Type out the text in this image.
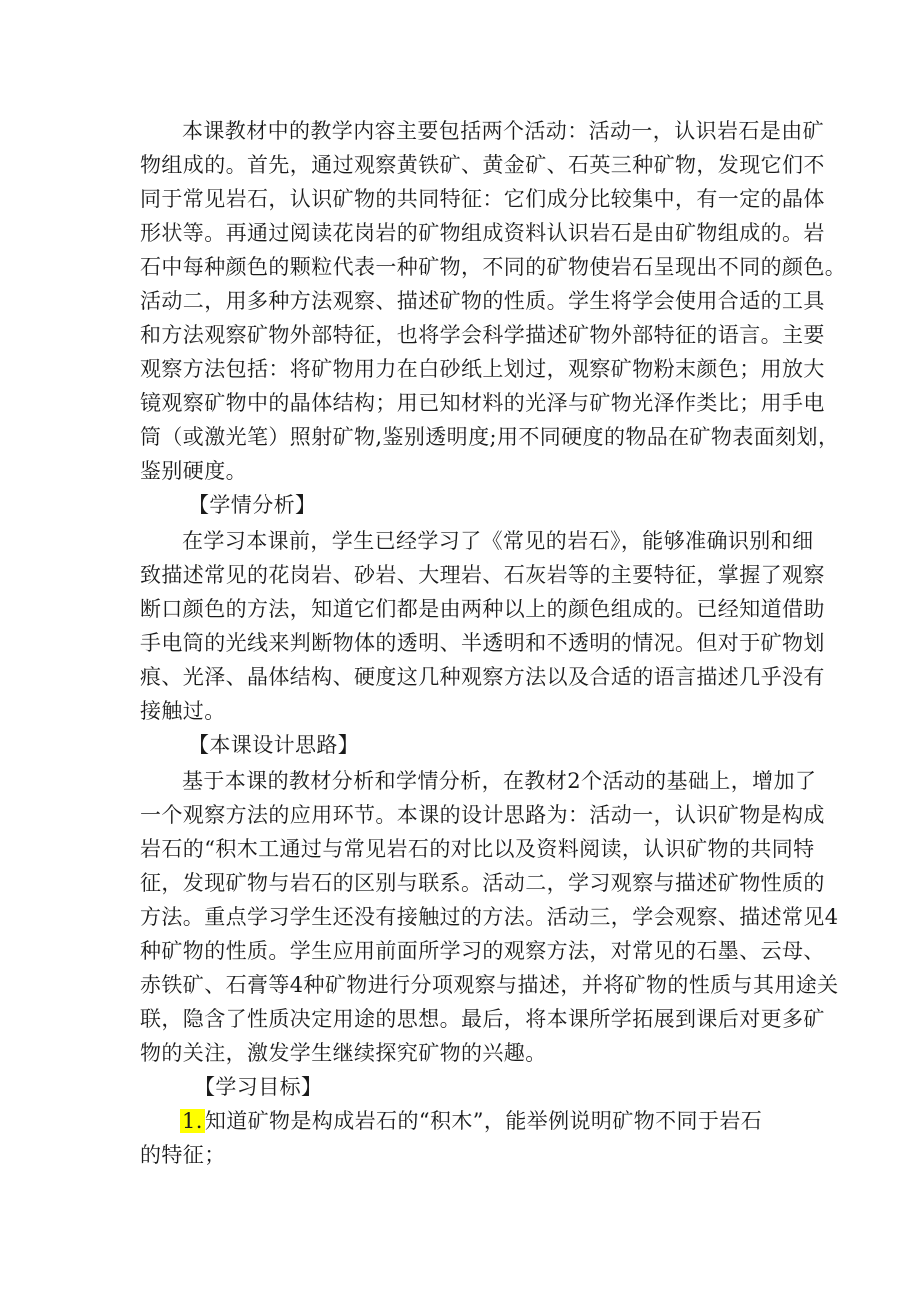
本课教材中的教学内容主要包括两个活动：活动一，认识岩石是由矿

物组成的。首先，通过观察黄铁矿、黄金矿、石英三种矿物，发现它们不

同于常见岩石，认识矿物的共同特征：它们成分比较集中，有一定的晶体

形状等。再通过阅读花岗岩的矿物组成资料认识岩石是由矿物组成的。岩

石中每种颜色的颗粒代表一种矿物，不同的矿物使岩石呈现出不同的颜色。

活动二，用多种方法观察、描述矿物的性质。学生将学会使用合适的工具

和方法观察矿物外部特征，也将学会科学描述矿物外部特征的语言。主要

观察方法包括：将矿物用力在白砂纸上划过，观察矿物粉末颜色；用放大

镜观察矿物中的晶体结构；用已知材料的光泽与矿物光泽作类比；用手电

筒（或激光笔）照射矿物,鉴别透明度;用不同硬度的物品在矿物表面刻划，

鉴别硬度。

【学情分析】

在学习本课前，学生已经学习了《常见的岩石》，能够准确识别和细

致描述常见的花岗岩、砂岩、大理岩、石灰岩等的主要特征，掌握了观察

断口颜色的方法，知道它们都是由两种以上的颜色组成的。已经知道借助

手电筒的光线来判断物体的透明、半透明和不透明的情况。但对于矿物划

痕、光泽、晶体结构、硬度这几种观察方法以及合适的语言描述几乎没有

接触过。

【本课设计思路】

基于本课的教材分析和学情分析，在教材2个活动的基础上，增加了

一个观察方法的应用环节。本课的设计思路为：活动一，认识矿物是构成

岩石的“积木工通过与常见岩石的对比以及资料阅读，认识矿物的共同特

征，发现矿物与岩石的区别与联系。活动二，学习观察与描述矿物性质的

方法。重点学习学生还没有接触过的方法。活动三，学会观察、描述常见4

种矿物的性质。学生应用前面所学习的观察方法，对常见的石墨、云母、

赤铁矿、石膏等4种矿物进行分项观察与描述，并将矿物的性质与其用途关

联，隐含了性质决定用途的思想。最后，将本课所学拓展到课后对更多矿

物的关注，激发学生继续探究矿物的兴趣。

【学习目标】

1.知道矿物是构成岩石的“积木”，能举例说明矿物不同于岩石

的特征；
